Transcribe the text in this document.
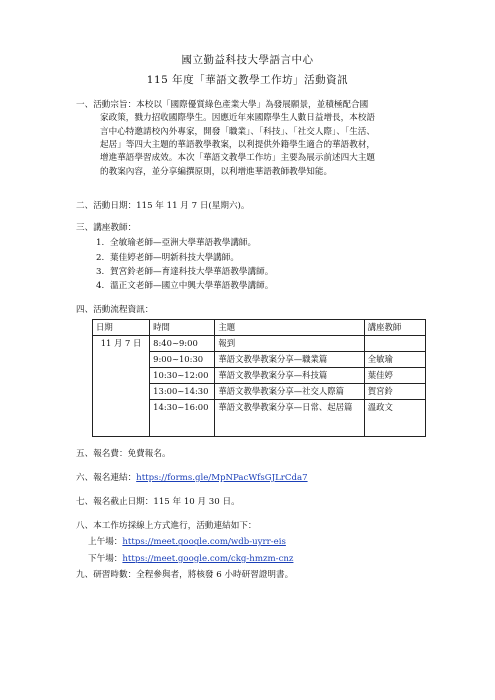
國立勤益科技大學語言中心
115 年度「華語文教學工作坊」活動資訊
一、活動宗旨： 本校以「國際優質綠色產業大學」為發展願景，並積極配合國
家政策，戮力招收國際學生。因應近年來國際學生人數日益增長，本校語
言中心特邀請校內外專家，開發「職業」、「科技」、「社交人際」、「生活、
起居」等四大主題的華語教學教案，以利提供外籍學生適合的華語教材，
增進華語學習成效。本次「華語文教學工作坊」主要為展示前述四大主題
的教案內容，並分享編撰原則，以利增進華語教師教學知能。
二、活動日期： 115 年 11 月 7 日(星期六)。
三、講座教師：
1. 全敏瑜老師—亞洲大學華語教學講師。
2. 葉佳婷老師—明新科技大學講師。
3. 賀宮鈴老師—育達科技大學華語教學講師。
4. 溫正文老師—國立中興大學華語教學講師。
四、活動流程資訊：
日期	時間	主題	講座教師
11 月 7 日	8:40~9:00	報到	
	9:00~10:30	華語文教學教案分享—職業篇	全敏瑜
	10:30~12:00	華語文教學教案分享—科技篇	葉佳婷
	13:00~14:30	華語文教學教案分享—社交人際篇	賀宮鈴
	14:30~16:00	華語文教學教案分享—日常、起居篇	溫政文
五、報名費： 免費報名。
六、報名連結： https://forms.gle/MpNPacWfsGJLrCda7
七、報名截止日期： 115 年 10 月 30 日。
八、本工作坊採線上方式進行，活動連結如下：
上午場：https://meet.google.com/wdb-uyrr-eis
下午場：https://meet.google.com/ckg-hmzm-cnz
九、研習時數： 全程參與者，將核發 6 小時研習證明書。
